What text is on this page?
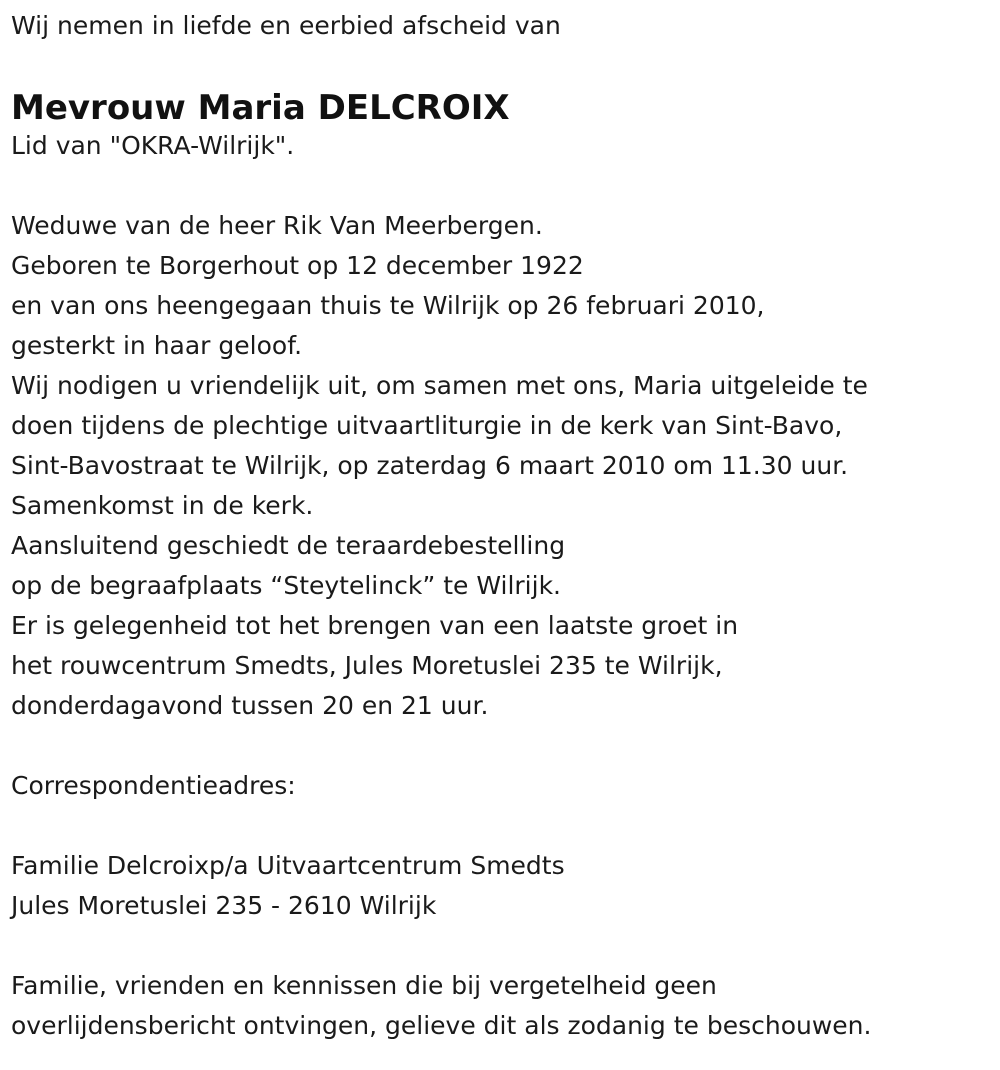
Wij nemen in liefde en eerbied afscheid van
Mevrouw Maria DELCROIX
Lid van "OKRA-Wilrijk".
Weduwe van de heer Rik Van Meerbergen.
Geboren te Borgerhout op 12 december 1922
en van ons heengegaan thuis te Wilrijk op 26 februari 2010,
gesterkt in haar geloof.
Wij nodigen u vriendelijk uit, om samen met ons, Maria uitgeleide te
doen tijdens de plechtige uitvaartliturgie in de kerk van Sint-Bavo,
Sint-Bavostraat te Wilrijk, op zaterdag 6 maart 2010 om 11.30 uur.
Samenkomst in de kerk.
Aansluitend geschiedt de teraardebestelling
op de begraafplaats “Steytelinck” te Wilrijk.
Er is gelegenheid tot het brengen van een laatste groet in
het rouwcentrum Smedts, Jules Moretuslei 235 te Wilrijk,
donderdagavond tussen 20 en 21 uur.
Correspondentieadres:
Familie Delcroixp/a Uitvaartcentrum Smedts
Jules Moretuslei 235 - 2610 Wilrijk
Familie, vrienden en kennissen die bij vergetelheid geen
overlijdensbericht ontvingen, gelieve dit als zodanig te beschouwen.
